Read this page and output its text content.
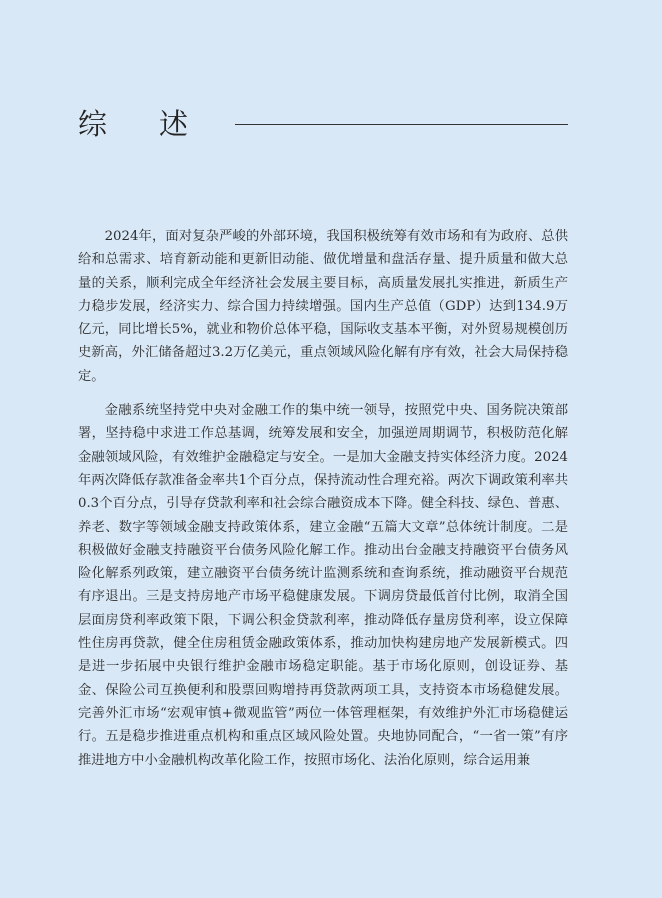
综述

2024年，面对复杂严峻的外部环境，我国积极统筹有效市场和有为政府、总供给和总需求、培育新动能和更新旧动能、做优增量和盘活存量、提升质量和做大总量的关系，顺利完成全年经济社会发展主要目标，高质量发展扎实推进，新质生产力稳步发展，经济实力、综合国力持续增强。国内生产总值（GDP）达到134.9万亿元，同比增长5%，就业和物价总体平稳，国际收支基本平衡，对外贸易规模创历史新高，外汇储备超过3.2万亿美元，重点领域风险化解有序有效，社会大局保持稳定。

金融系统坚持党中央对金融工作的集中统一领导，按照党中央、国务院决策部署，坚持稳中求进工作总基调，统筹发展和安全，加强逆周期调节，积极防范化解金融领域风险，有效维护金融稳定与安全。一是加大金融支持实体经济力度。2024年两次降低存款准备金率共1个百分点，保持流动性合理充裕。两次下调政策利率共0.3个百分点，引导存贷款利率和社会综合融资成本下降。健全科技、绿色、普惠、养老、数字等领域金融支持政策体系，建立金融“五篇大文章”总体统计制度。二是积极做好金融支持融资平台债务风险化解工作。推动出台金融支持融资平台债务风险化解系列政策，建立融资平台债务统计监测系统和查询系统，推动融资平台规范有序退出。三是支持房地产市场平稳健康发展。下调房贷最低首付比例，取消全国层面房贷利率政策下限，下调公积金贷款利率，推动降低存量房贷利率，设立保障性住房再贷款，健全住房租赁金融政策体系，推动加快构建房地产发展新模式。四是进一步拓展中央银行维护金融市场稳定职能。基于市场化原则，创设证券、基金、保险公司互换便利和股票回购增持再贷款两项工具，支持资本市场稳健发展。完善外汇市场“宏观审慎+微观监管”两位一体管理框架，有效维护外汇市场稳健运行。五是稳步推进重点机构和重点区域风险处置。央地协同配合，“一省一策”有序推进地方中小金融机构改革化险工作，按照市场化、法治化原则，综合运用兼
